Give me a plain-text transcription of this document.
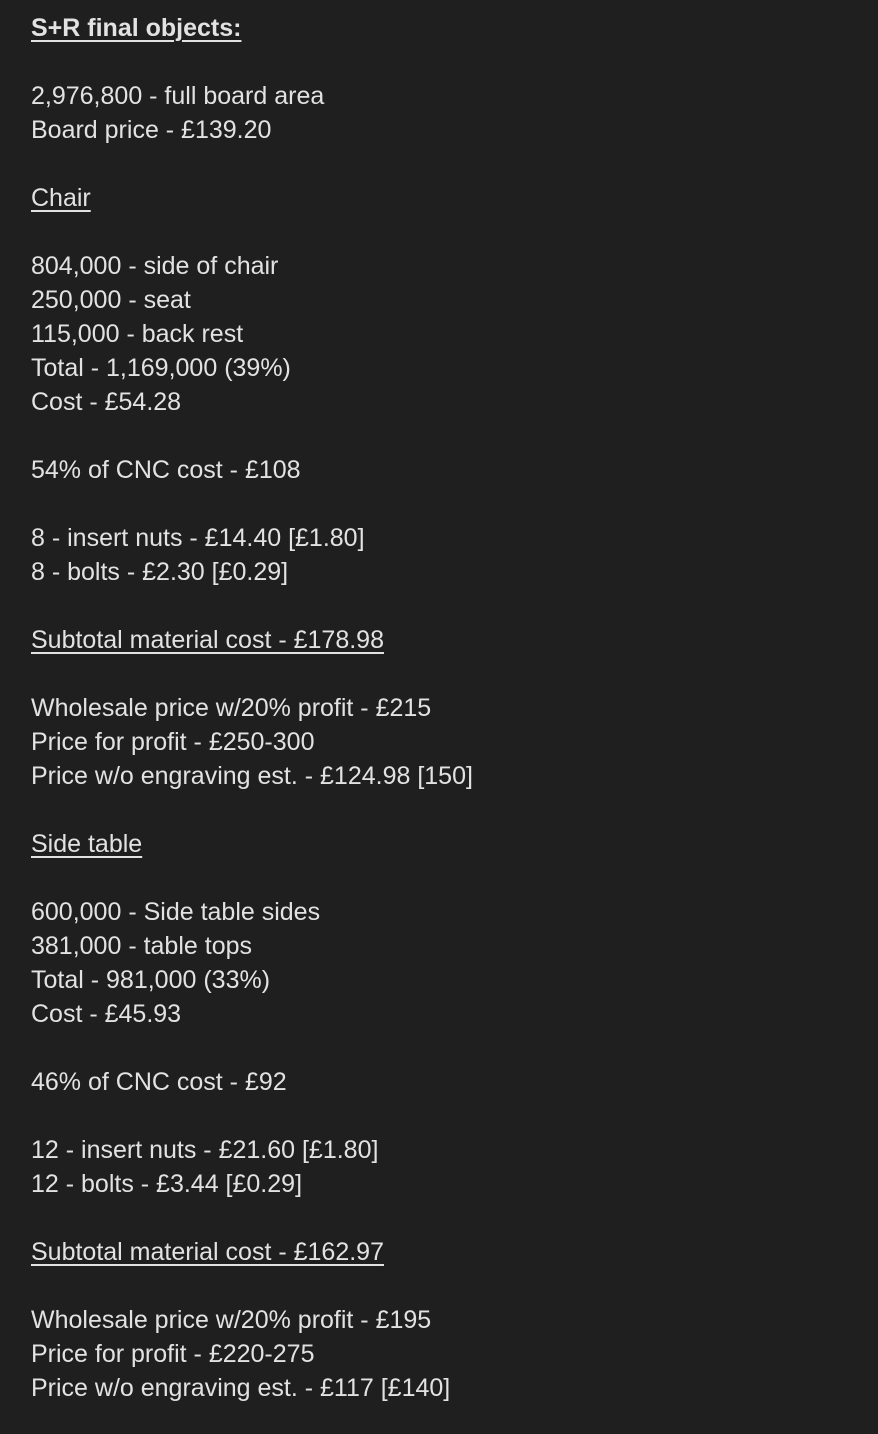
S+R final objects:
2,976,800 - full board area
Board price - £139.20
Chair
804,000 - side of chair
250,000 - seat
115,000 - back rest
Total - 1,169,000 (39%)
Cost - £54.28
54% of CNC cost - £108
8 - insert nuts - £14.40 [£1.80]
8 - bolts - £2.30 [£0.29]
Subtotal material cost - £178.98
Wholesale price w/20% profit - £215
Price for profit - £250-300
Price w/o engraving est. - £124.98 [150]
Side table
600,000 - Side table sides
381,000 - table tops
Total - 981,000 (33%)
Cost - £45.93
46% of CNC cost - £92
12 - insert nuts - £21.60 [£1.80]
12 - bolts - £3.44 [£0.29]
Subtotal material cost - £162.97
Wholesale price w/20% profit - £195
Price for profit - £220-275
Price w/o engraving est. - £117 [£140]
